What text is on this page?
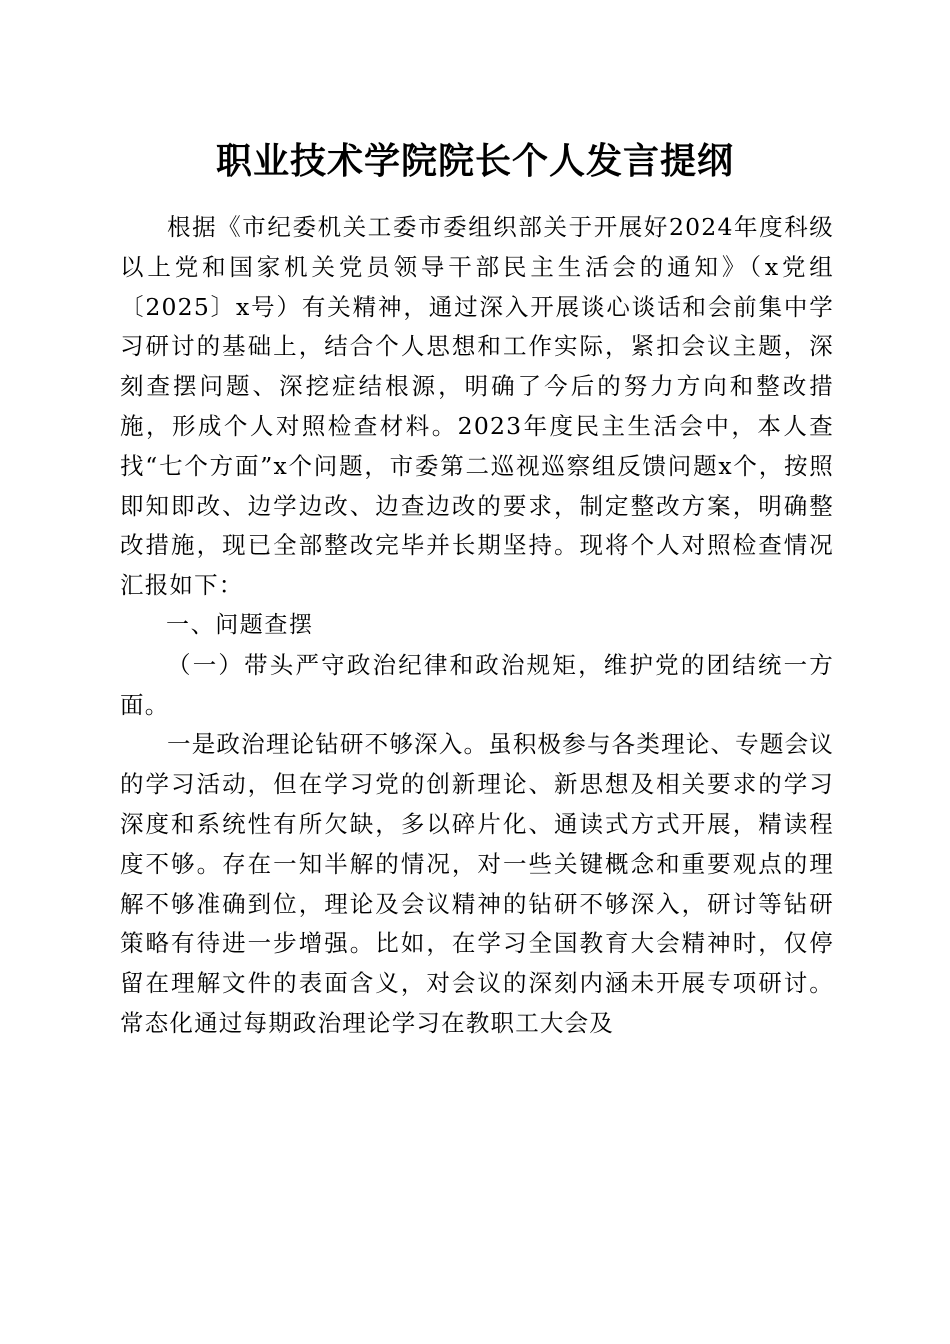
职业技术学院院长个人发言提纲

根据《市纪委机关工委市委组织部关于开展好2024年度科级以上党和国家机关党员领导干部民主生活会的通知》（x党组〔2025〕x号）有关精神，通过深入开展谈心谈话和会前集中学习研讨的基础上，结合个人思想和工作实际，紧扣会议主题，深刻查摆问题、深挖症结根源，明确了今后的努力方向和整改措施，形成个人对照检查材料。2023年度民主生活会中，本人查找“七个方面”x个问题，市委第二巡视巡察组反馈问题x个，按照即知即改、边学边改、边查边改的要求，制定整改方案，明确整改措施，现已全部整改完毕并长期坚持。现将个人对照检查情况汇报如下：

一、问题查摆

（一）带头严守政治纪律和政治规矩，维护党的团结统一方面。

一是政治理论钻研不够深入。虽积极参与各类理论、专题会议的学习活动，但在学习党的创新理论、新思想及相关要求的学习深度和系统性有所欠缺，多以碎片化、通读式方式开展，精读程度不够。存在一知半解的情况，对一些关键概念和重要观点的理解不够准确到位，理论及会议精神的钻研不够深入，研讨等钻研策略有待进一步增强。比如，在学习全国教育大会精神时，仅停留在理解文件的表面含义，对会议的深刻内涵未开展专项研讨。常态化通过每期政治理论学习在教职工大会及
